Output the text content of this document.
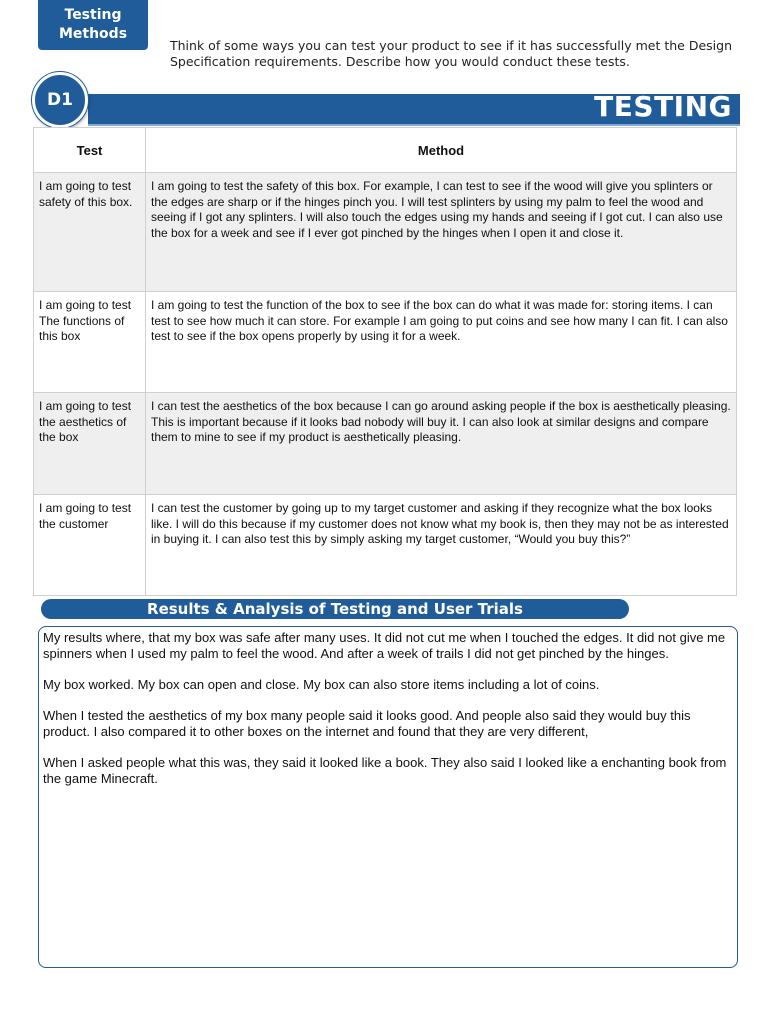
Testing
Methods

Think of some ways you can test your product to see if it has successfully met the Design Specification requirements. Describe how you would conduct these tests.

TESTING
D1
Test	Method
I am going to test safety of this box.	I am going to test the safety of this box. For example, I can test to see if the wood will give you splinters or the edges are sharp or if the hinges pinch you. I will test splinters by using my palm to feel the wood and seeing if I got any splinters. I will also touch the edges using my hands and seeing if I got cut. I can also use the box for a week and see if I ever got pinched by the hinges when I open it and close it.
I am going to test The functions of this box	I am going to test the function of the box to see if the box can do what it was made for: storing items. I can test to see how much it can store. For example I am going to put coins and see how many I can fit. I can also test to see if the box opens properly by using it for a week.
I am going to test the aesthetics of the box	I can test the aesthetics of the box because I can go around asking people if the box is aesthetically pleasing. This is important because if it looks bad nobody will buy it. I can also look at similar designs and compare them to mine to see if my product is aesthetically pleasing.
I am going to test the customer	I can test the customer by going up to my target customer and asking if they recognize what the box looks like. I will do this because if my customer does not know what my book is, then they may not be as interested in buying it. I can also test this by simply asking my target customer, “Would you buy this?”
Results & Analysis of Testing and User Trials

My results where, that my box was safe after many uses. It did not cut me when I touched the edges. It did not give me spinners when I used my palm to feel the wood. And after a week of trails I did not get pinched by the hinges.

My box worked. My box can open and close. My box can also store items including a lot of coins.

When I tested the aesthetics of my box many people said it looks good. And people also said they would buy this product. I also compared it to other boxes on the internet and found that they are very different,

When I asked people what this was, they said it looked like a book. They also said I looked like a enchanting book from the game Minecraft.
